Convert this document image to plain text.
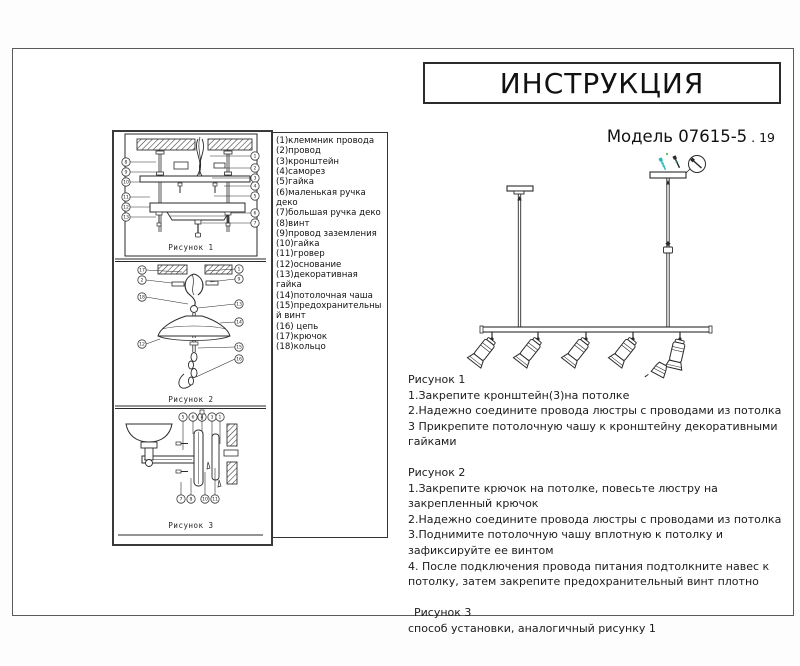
ИНСТРУКЦИЯ
Модель 07615-5 . 19
8
9
10
11
12
13
1
2
3
4
5
6
7
Рисунок 1
17
2
18
12
1
9
13
14
15
16
Рисунок 2
5 6 4 3 1
7 8 10 11
Рисунок 3
(1)клеммник провода
(2)провод
(3)кронштейн
(4)саморез
(5)гайка
(6)маленькая ручка деко
(7)большая ручка деко
(8)винт
(9)провод заземления
(10)гайка
(11)гровер
(12)основание
(13)декоративная гайка
(14)потолочная чаша
(15)предохранительный винт
(16) цепь
(17)крючок
(18)кольцо
Рисунок 1
1.Закрепите кронштейн(3)на потолке
2.Надежно соедините провода люстры с проводами из потолка
3 Прикрепите потолочную чашу к кронштейну декоративными гайками
Рисунок 2
1.Закрепите крючок на потолке, повесьте люстру на закрепленный крючок
2.Надежно соедините провода люстры с проводами из потолка
3.Поднимите потолочную чашу вплотную к потолку и зафиксируйте ее винтом
4. После подключения провода питания подтолкните навес к потолку, затем закрепите предохранительный винт плотно
Рисунок 3
способ установки, аналогичный рисунку 1
